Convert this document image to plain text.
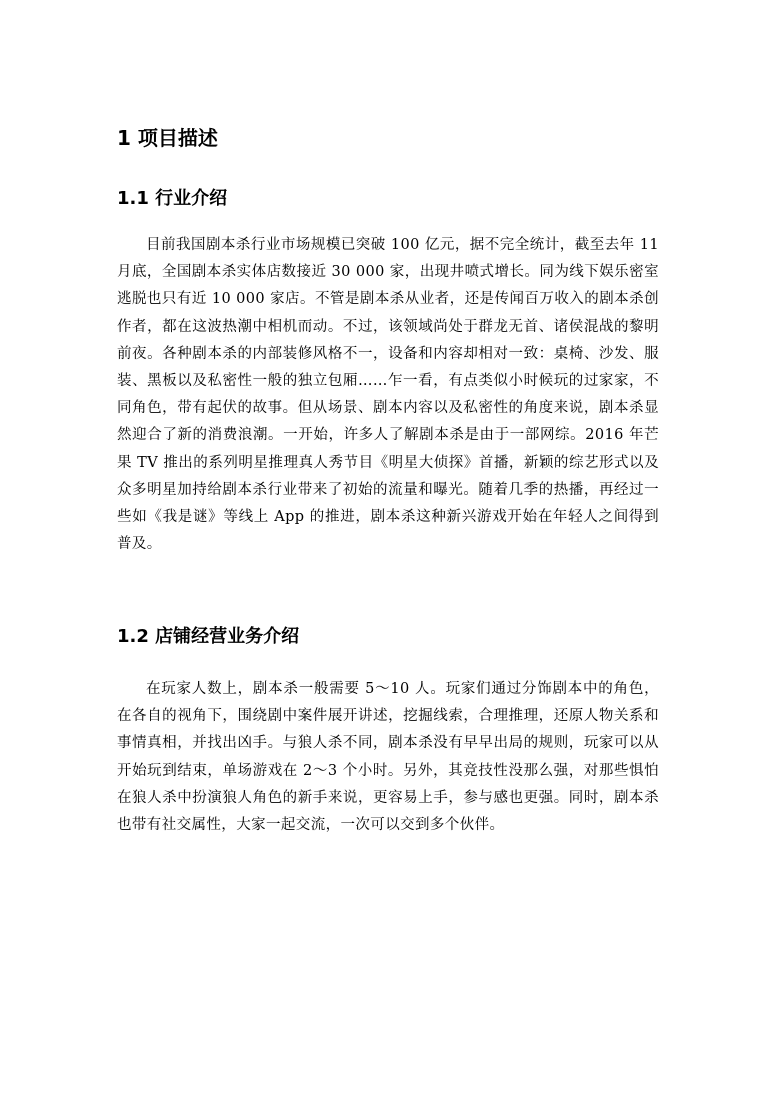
1 项目描述
1.1 行业介绍

目前我国剧本杀行业市场规模已突破 100 亿元，据不完全统计，截至去年 11 月底，全国剧本杀实体店数接近 30 000 家，出现井喷式增长。同为线下娱乐密室逃脱也只有近 10 000 家店。不管是剧本杀从业者，还是传闻百万收入的剧本杀创作者，都在这波热潮中相机而动。不过，该领域尚处于群龙无首、诸侯混战的黎明前夜。各种剧本杀的内部装修风格不一，设备和内容却相对一致：桌椅、沙发、服装、黑板以及私密性一般的独立包厢……乍一看，有点类似小时候玩的过家家，不同角色，带有起伏的故事。但从场景、剧本内容以及私密性的角度来说，剧本杀显然迎合了新的消费浪潮。一开始，许多人了解剧本杀是由于一部网综。2016 年芒果 TV 推出的系列明星推理真人秀节目《明星大侦探》首播，新颖的综艺形式以及众多明星加持给剧本杀行业带来了初始的流量和曝光。随着几季的热播，再经过一些如《我是谜》等线上 App 的推进，剧本杀这种新兴游戏开始在年轻人之间得到普及。

1.2 店铺经营业务介绍

在玩家人数上，剧本杀一般需要 5～10 人。玩家们通过分饰剧本中的角色，在各自的视角下，围绕剧中案件展开讲述，挖掘线索，合理推理，还原人物关系和事情真相，并找出凶手。与狼人杀不同，剧本杀没有早早出局的规则，玩家可以从开始玩到结束，单场游戏在 2～3 个小时。另外，其竞技性没那么强，对那些惧怕在狼人杀中扮演狼人角色的新手来说，更容易上手，参与感也更强。同时，剧本杀也带有社交属性，大家一起交流，一次可以交到多个伙伴。
